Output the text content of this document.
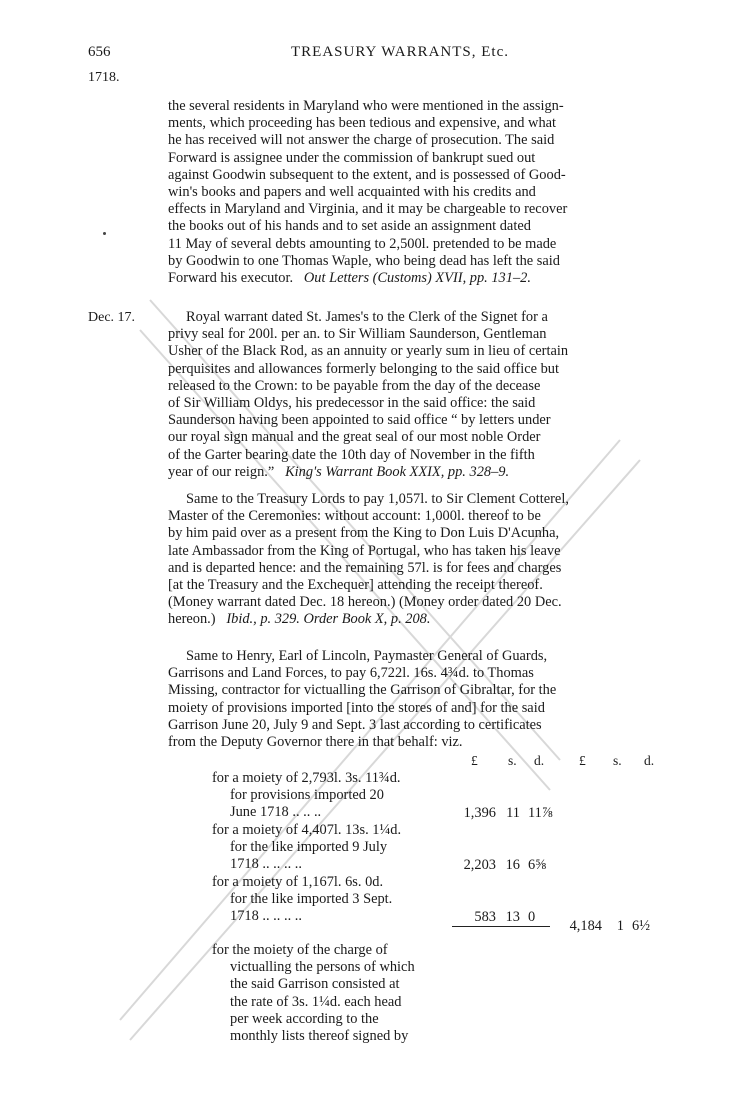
656	TREASURY WARRANTS, Etc.
1718.
the several residents in Maryland who were mentioned in the assign-
ments, which proceeding has been tedious and expensive, and what
he has received will not answer the charge of prosecution. The said
Forward is assignee under the commission of bankrupt sued out
against Goodwin subsequent to the extent, and is possessed of Good-
win's books and papers and well acquainted with his credits and
effects in Maryland and Virginia, and it may be chargeable to recover
the books out of his hands and to set aside an assignment dated
11 May of several debts amounting to 2,500l. pretended to be made
by Goodwin to one Thomas Waple, who being dead has left the said
Forward his executor. Out Letters (Customs) XVII, pp. 131–2.
Dec. 17.	Royal warrant dated St. James's to the Clerk of the Signet for a
privy seal for 200l. per an. to Sir William Saunderson, Gentleman
Usher of the Black Rod, as an annuity or yearly sum in lieu of certain
perquisites and allowances formerly belonging to the said office but
released to the Crown: to be payable from the day of the decease
of Sir William Oldys, his predecessor in the said office: the said
Saunderson having been appointed to said office “ by letters under
our royal sign manual and the great seal of our most noble Order
of the Garter bearing date the 10th day of November in the fifth
year of our reign.” King's Warrant Book XXIX, pp. 328–9.
Same to the Treasury Lords to pay 1,057l. to Sir Clement Cotterel,
Master of the Ceremonies: without account: 1,000l. thereof to be
by him paid over as a present from the King to Don Luis D'Acunha,
late Ambassador from the King of Portugal, who has taken his leave
and is departed hence: and the remaining 57l. is for fees and charges
[at the Treasury and the Exchequer] attending the receipt thereof.
(Money warrant dated Dec. 18 hereon.) (Money order dated 20 Dec.
hereon.) Ibid., p. 329. Order Book X, p. 208.
Same to Henry, Earl of Lincoln, Paymaster General of Guards,
Garrisons and Land Forces, to pay 6,722l. 16s. 4¾d. to Thomas
Missing, contractor for victualling the Garrison of Gibraltar, for the
moiety of provisions imported [into the stores of and] for the said
Garrison June 20, July 9 and Sept. 3 last according to certificates
from the Deputy Governor there in that behalf: viz.
£ s. d.	£ s. d.
for a moiety of 2,793l. 3s. 11¾d.
for provisions imported 20
June 1718 .. .. ..	1,396 11 11⅞
for a moiety of 4,407l. 13s. 1¼d.
for the like imported 9 July
1718 .. .. .. ..	2,203 16 6⅝
for a moiety of 1,167l. 6s. 0d.
for the like imported 3 Sept.
1718 .. .. .. ..	583 13 0
4,184	1 6½
for the moiety of the charge of
victualling the persons of which
the said Garrison consisted at
the rate of 3s. 1¼d. each head
per week according to the
monthly lists thereof signed by
